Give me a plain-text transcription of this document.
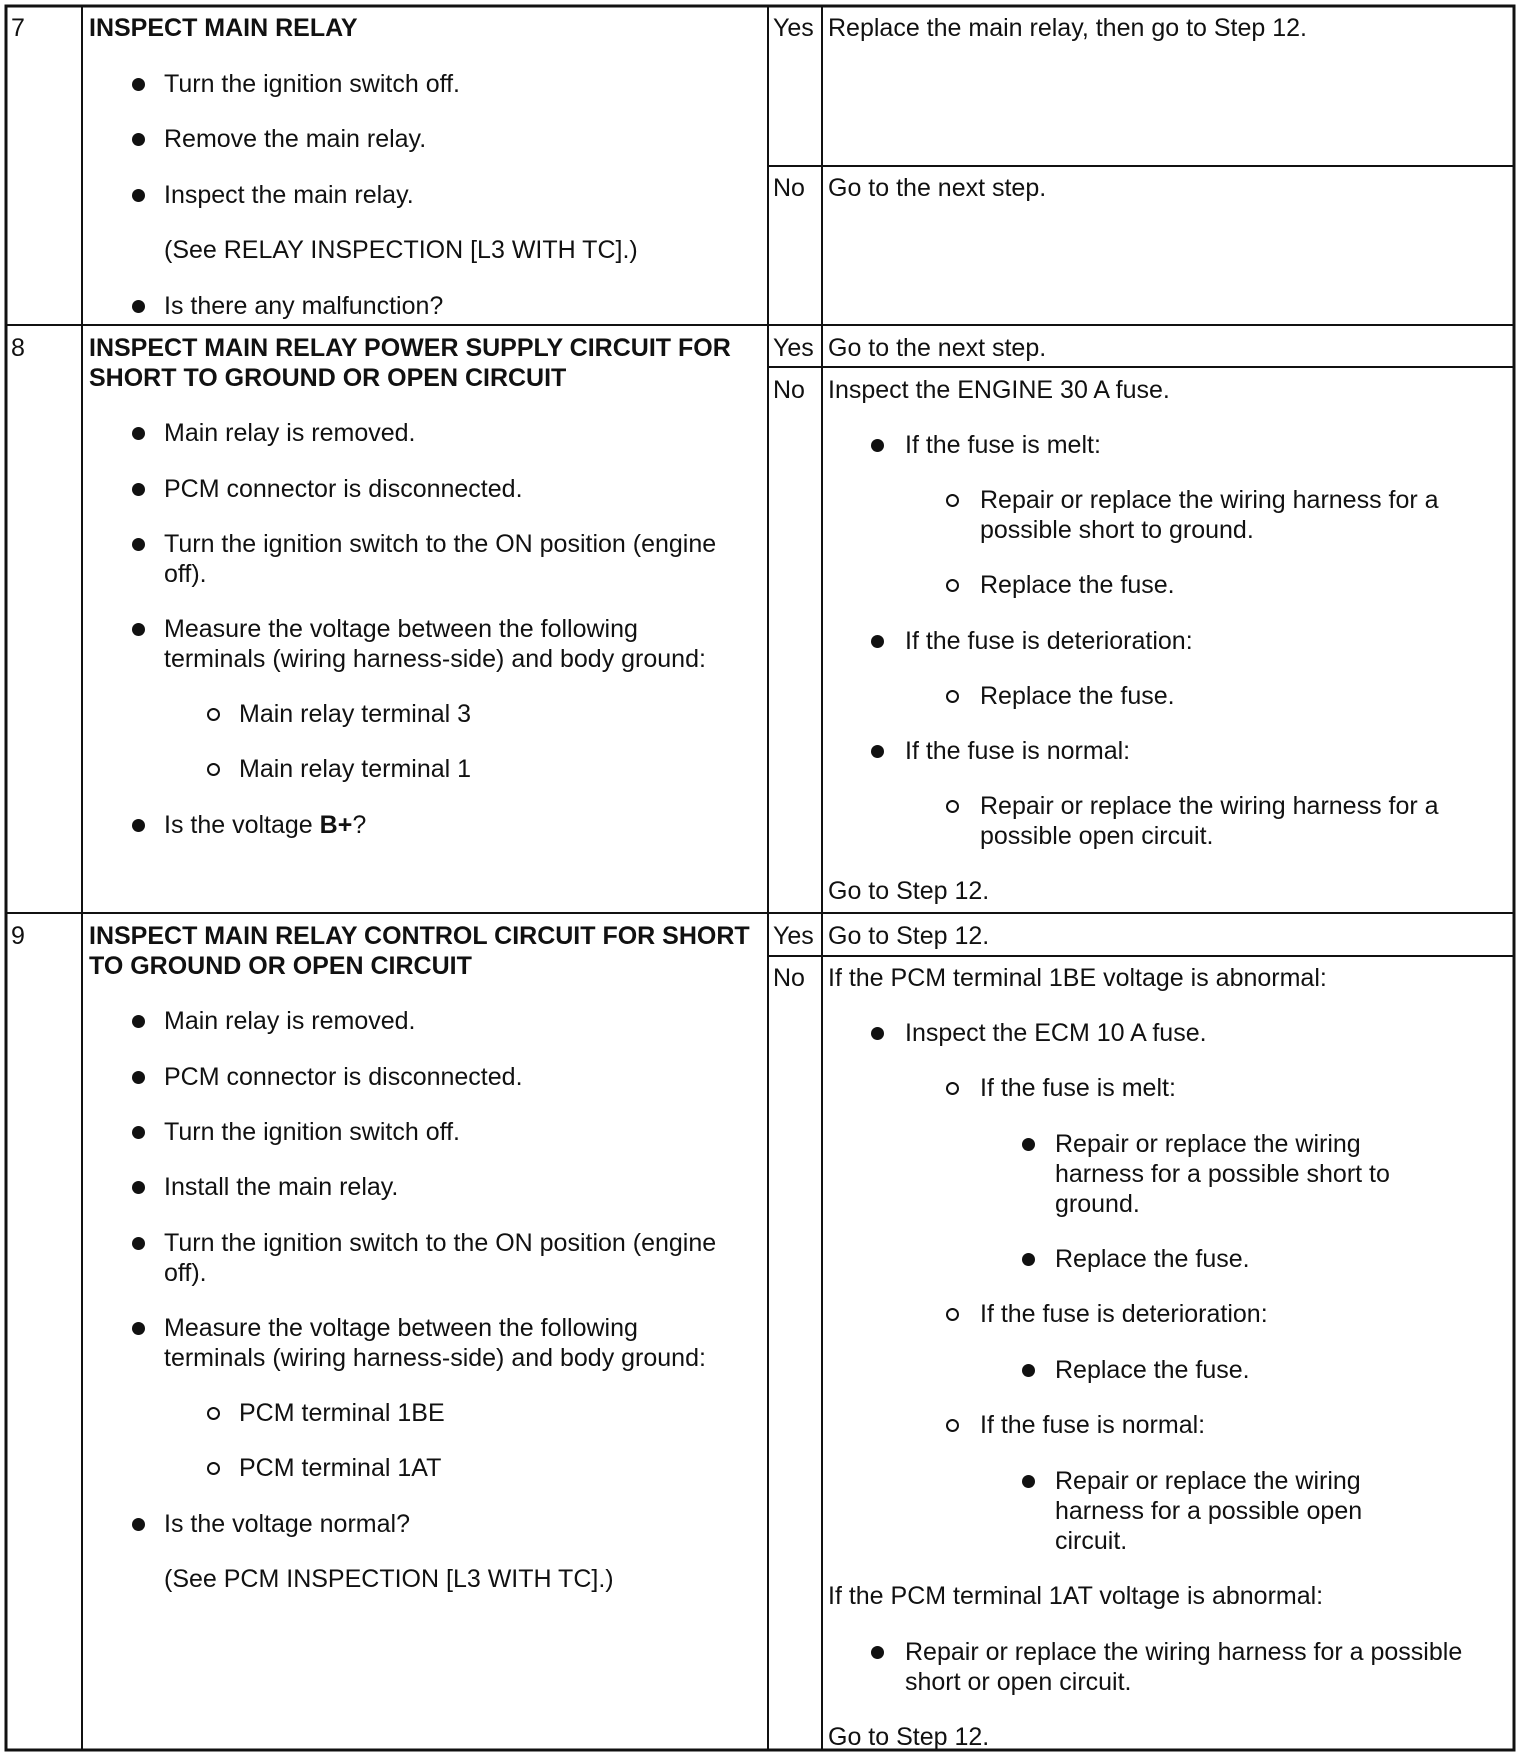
7	INSPECT MAIN RELAY
Turn the ignition switch off.
Remove the main relay.
Inspect the main relay.
(See RELAY INSPECTION [L3 WITH TC].)
Is there any malfunction?
Yes Replace the main relay, then go to Step 12.
No Go to the next step.
8	INSPECT MAIN RELAY POWER SUPPLY CIRCUIT FOR
SHORT TO GROUND OR OPEN CIRCUIT
Main relay is removed.
PCM connector is disconnected.
Turn the ignition switch to the ON position (engine
off).
Measure the voltage between the following
terminals (wiring harness-side) and body ground:
Main relay terminal 3
Main relay terminal 1
Is the voltage B+?
Yes Go to the next step.
No Inspect the ENGINE 30 A fuse.
If the fuse is melt:
Repair or replace the wiring harness for a
possible short to ground.
Replace the fuse.
If the fuse is deterioration:
Replace the fuse.
If the fuse is normal:
Repair or replace the wiring harness for a
possible open circuit.
Go to Step 12.
9	INSPECT MAIN RELAY CONTROL CIRCUIT FOR SHORT
TO GROUND OR OPEN CIRCUIT
Main relay is removed.
PCM connector is disconnected.
Turn the ignition switch off.
Install the main relay.
Turn the ignition switch to the ON position (engine
off).
Measure the voltage between the following
terminals (wiring harness-side) and body ground:
PCM terminal 1BE
PCM terminal 1AT
Is the voltage normal?
(See PCM INSPECTION [L3 WITH TC].)
Yes Go to Step 12.
No If the PCM terminal 1BE voltage is abnormal:
Inspect the ECM 10 A fuse.
If the fuse is melt:
Repair or replace the wiring
harness for a possible short to
ground.
Replace the fuse.
If the fuse is deterioration:
Replace the fuse.
If the fuse is normal:
Repair or replace the wiring
harness for a possible open
circuit.
If the PCM terminal 1AT voltage is abnormal:
Repair or replace the wiring harness for a possible
short or open circuit.
Go to Step 12.
